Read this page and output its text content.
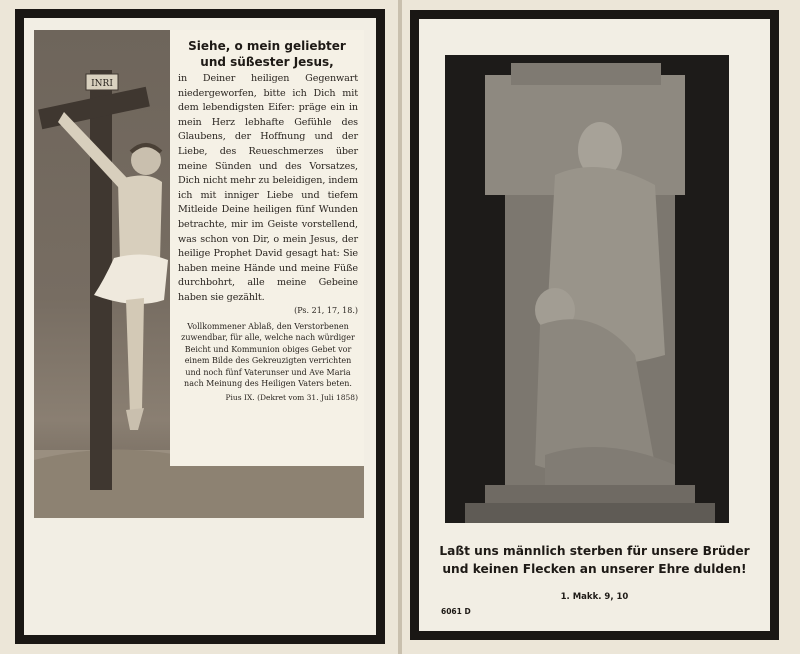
INRI
Siehe, o mein geliebter
und süßester Jesus,
in Deiner heiligen Gegenwart niedergeworfen, bitte ich Dich mit dem lebendigsten Eifer: präge ein in mein Herz lebhafte Gefühle des Glaubens, der Hoffnung und der Liebe, des Reueschmerzes über meine Sünden und des Vorsatzes, Dich nicht mehr zu beleidigen, indem ich mit inniger Liebe und tiefem Mitleide Deine heiligen fünf Wunden betrachte, mir im Geiste vorstellend, was schon von Dir, o mein Jesus, der heilige Prophet David gesagt hat: Sie haben meine Hände und meine Füße durchbohrt, alle meine Gebeine haben sie gezählt.
(Ps. 21, 17, 18.)
Vollkommener Ablaß, den Verstorbenen zuwendbar, für alle, welche nach würdiger Beicht und Kommunion obiges Gebet vor einem Bilde des Gekreuzigten verrichten und noch fünf Vaterunser und Ave Maria nach Meinung des Heiligen Vaters beten.
Pius IX. (Dekret vom 31. Juli 1858)
Laßt uns männlich sterben für unsere Brüder
und keinen Flecken an unserer Ehre dulden!
1. Makk. 9, 10
6061 D
